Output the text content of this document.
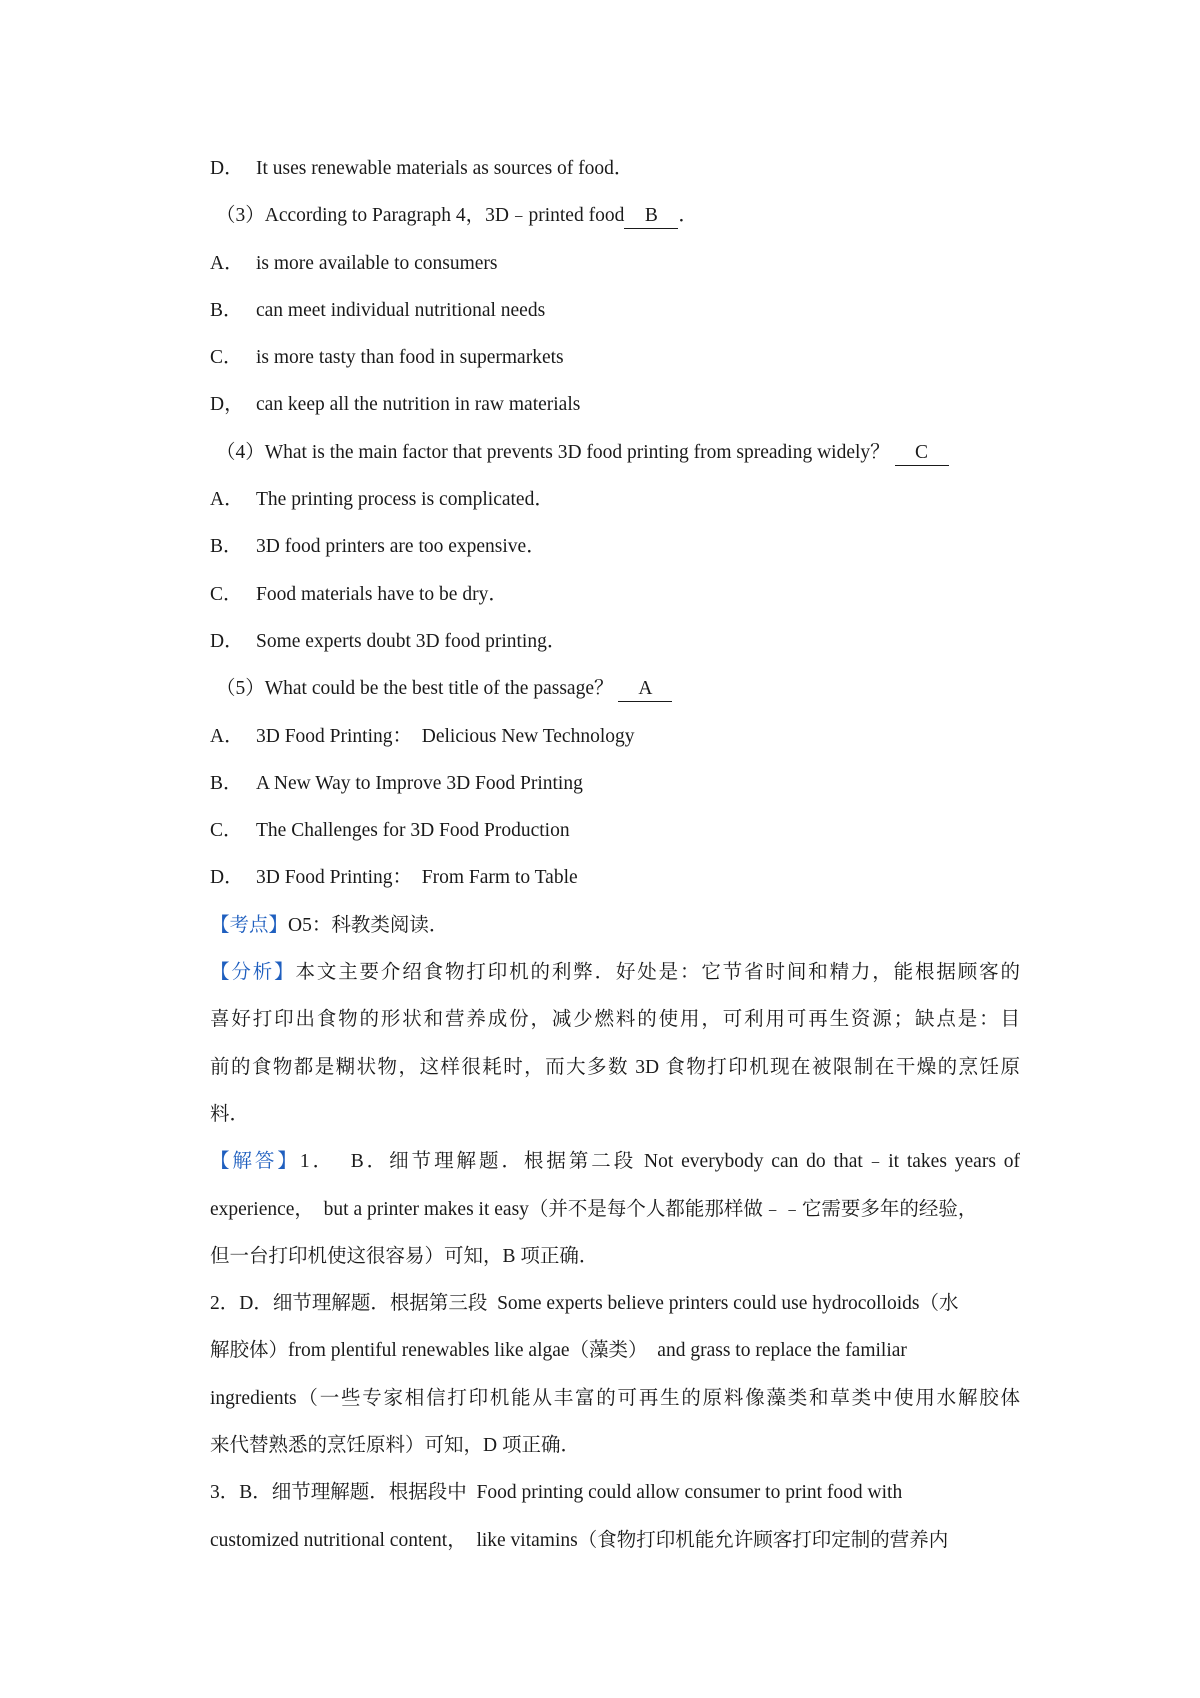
D． It uses renewable materials as sources of food．
（3）According to Paragraph 4，3D﹣printed food B ．
A． is more available to consumers
B． can meet individual nutritional needs
C． is more tasty than food in supermarkets
D， can keep all the nutrition in raw materials
（4）What is the main factor that prevents 3D food printing from spreading widely？ C
A． The printing process is complicated．
B． 3D food printers are too expensive．
C． Food materials have to be dry．
D． Some experts doubt 3D food printing．
（5）What could be the best title of the passage？ A
A． 3D Food Printing：  Delicious New Technology
B． A New Way to Improve 3D Food Printing
C． The Challenges for 3D Food Production
D． 3D Food Printing：  From Farm to Table
【考点】O5：科教类阅读．
【分析】本文主要介绍食物打印机的利弊．好处是：它节省时间和精力，能根据顾客的
喜好打印出食物的形状和营养成份，减少燃料的使用，可利用可再生资源；缺点是：目
前的食物都是糊状物，这样很耗时，而大多数 3D 食物打印机现在被限制在干燥的烹饪原
料．
【解答】1．  B．细节理解题．根据第二段 Not everybody can do that﹣it takes years of
experience，  but a printer makes it easy（并不是每个人都能那样做﹣﹣它需要多年的经验，
但一台打印机使这很容易）可知，B 项正确．
2．D．细节理解题．根据第三段  Some experts believe printers could use hydrocolloids（水
解胶体）from plentiful renewables like algae（藻类）  and grass to replace the familiar
ingredients（一些专家相信打印机能从丰富的可再生的原料像藻类和草类中使用水解胶体
来代替熟悉的烹饪原料）可知，D 项正确．
3．B．细节理解题．根据段中  Food printing could allow consumer to print food with
customized nutritional content，  like vitamins（食物打印机能允许顾客打印定制的营养内
